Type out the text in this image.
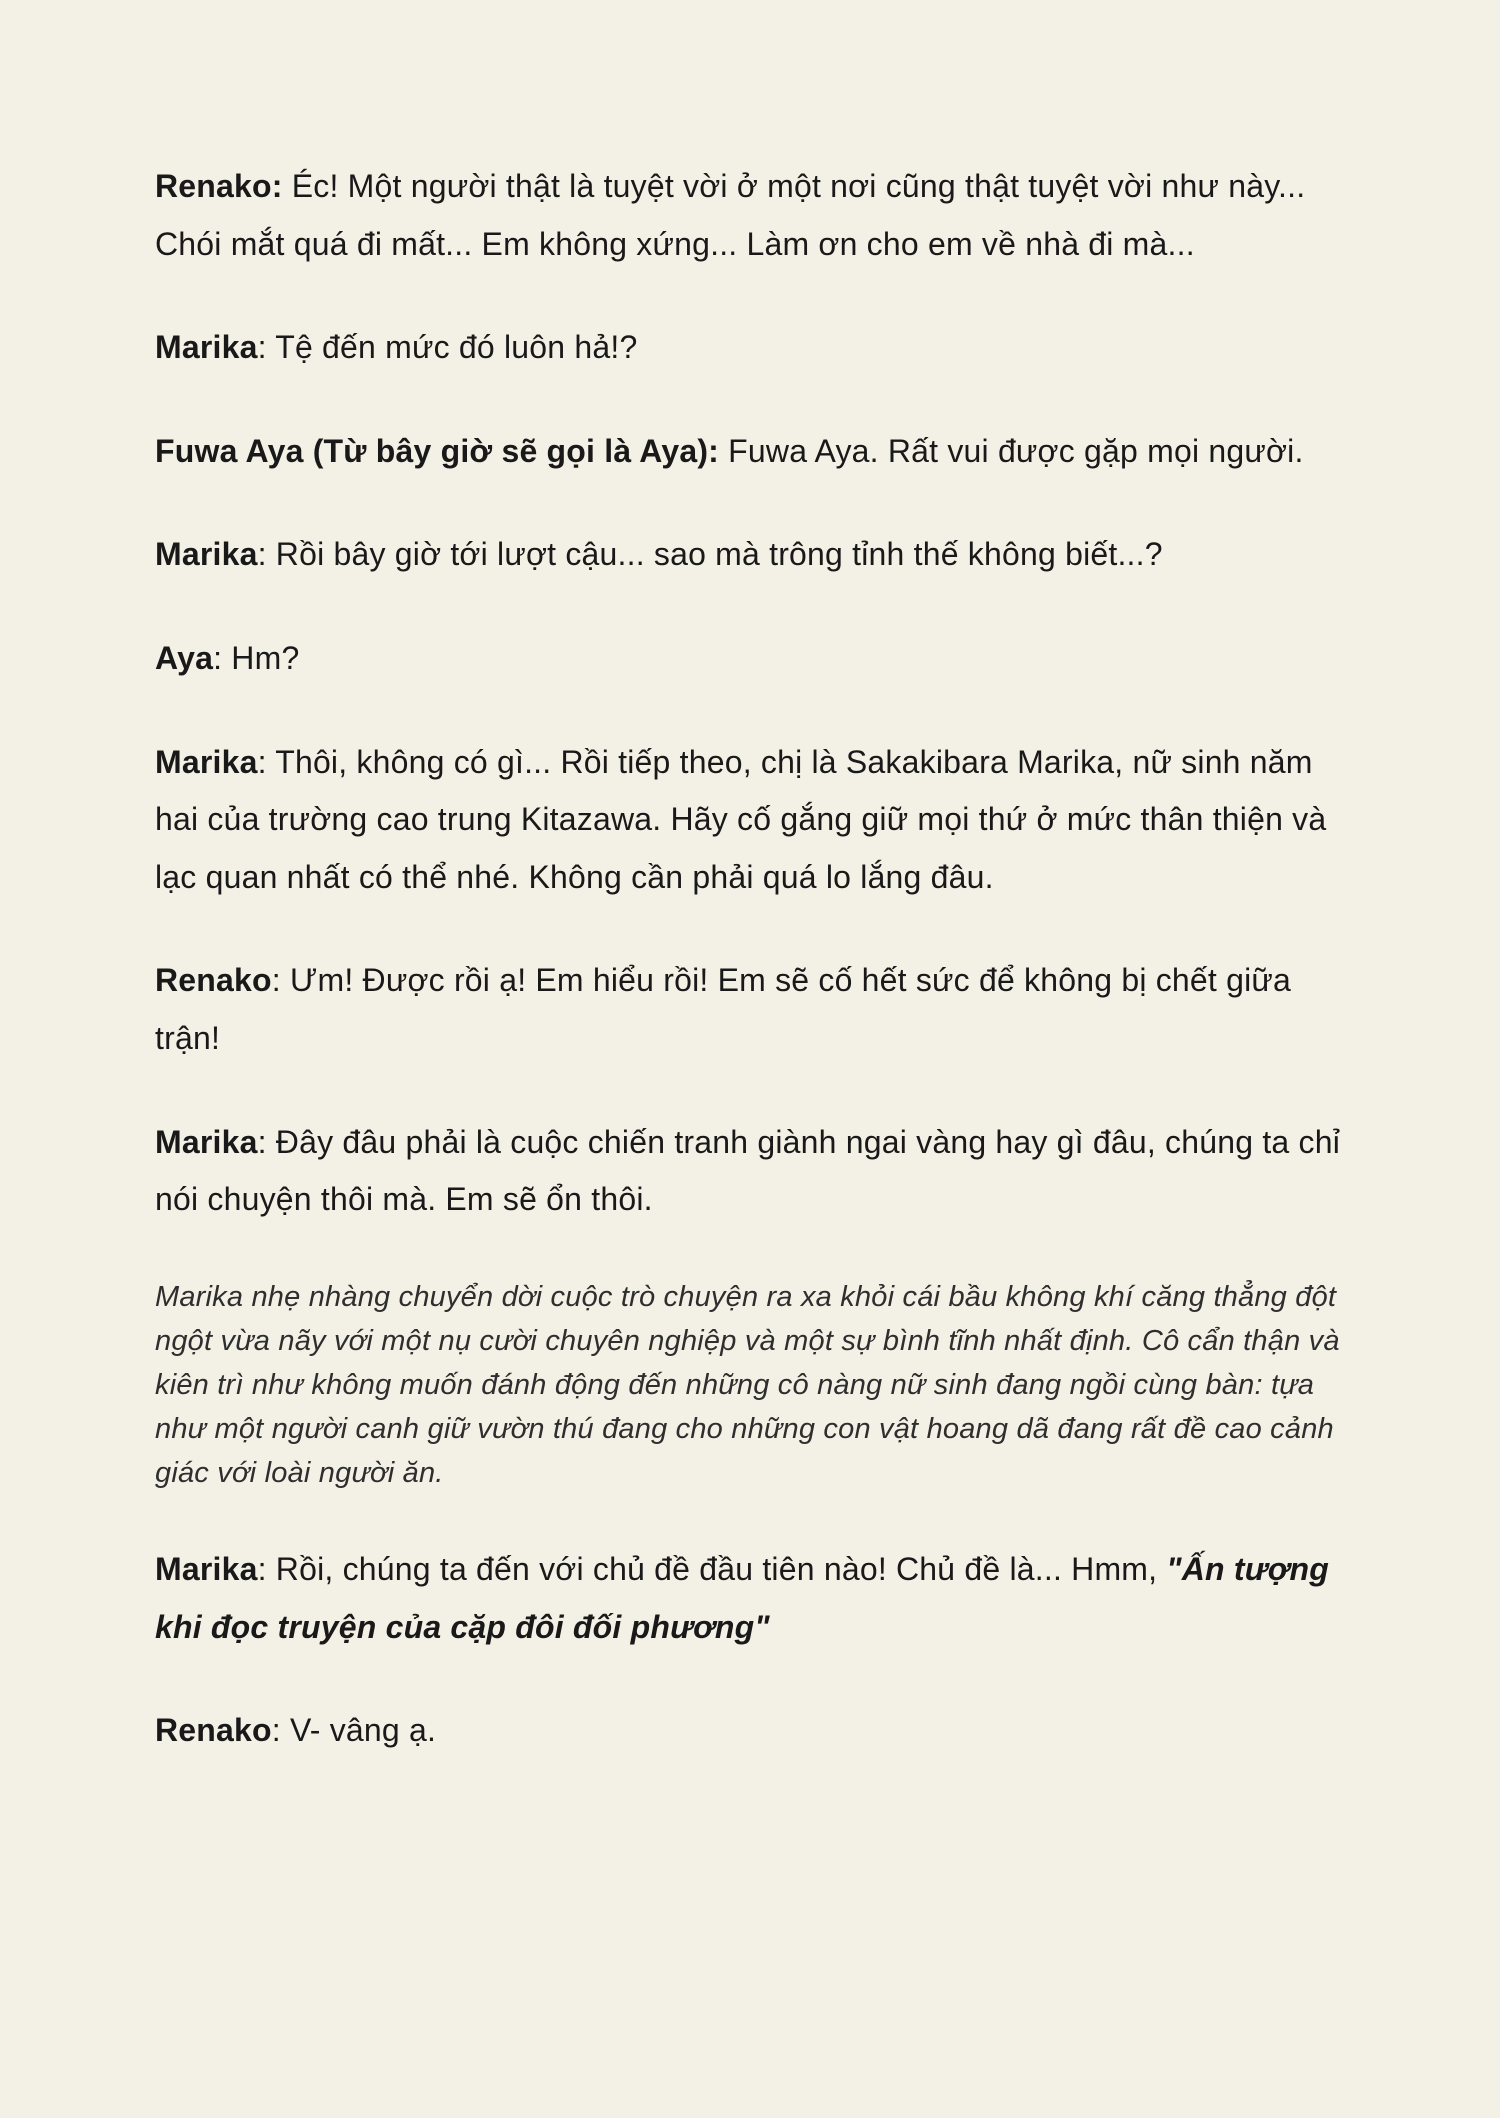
Renako: Éc! Một người thật là tuyệt vời ở một nơi cũng thật tuyệt vời như này... Chói mắt quá đi mất... Em không xứng... Làm ơn cho em về nhà đi mà...

Marika: Tệ đến mức đó luôn hả!?

Fuwa Aya (Từ bây giờ sẽ gọi là Aya): Fuwa Aya. Rất vui được gặp mọi người.

Marika: Rồi bây giờ tới lượt cậu... sao mà trông tỉnh thế không biết...?

Aya: Hm?

Marika: Thôi, không có gì... Rồi tiếp theo, chị là Sakakibara Marika, nữ sinh năm hai của trường cao trung Kitazawa. Hãy cố gắng giữ mọi thứ ở mức thân thiện và lạc quan nhất có thể nhé. Không cần phải quá lo lắng đâu.

Renako: Ưm! Được rồi ạ! Em hiểu rồi! Em sẽ cố hết sức để không bị chết giữa trận!

Marika: Đây đâu phải là cuộc chiến tranh giành ngai vàng hay gì đâu, chúng ta chỉ nói chuyện thôi mà. Em sẽ ổn thôi.

Marika nhẹ nhàng chuyển dời cuộc trò chuyện ra xa khỏi cái bầu không khí căng thẳng đột ngột vừa nãy với một nụ cười chuyên nghiệp và một sự bình tĩnh nhất định. Cô cẩn thận và kiên trì như không muốn đánh động đến những cô nàng nữ sinh đang ngồi cùng bàn: tựa như một người canh giữ vườn thú đang cho những con vật hoang dã đang rất đề cao cảnh giác với loài người ăn.

Marika: Rồi, chúng ta đến với chủ đề đầu tiên nào! Chủ đề là... Hmm, "Ấn tượng khi đọc truyện của cặp đôi đối phương"

Renako: V- vâng ạ.
